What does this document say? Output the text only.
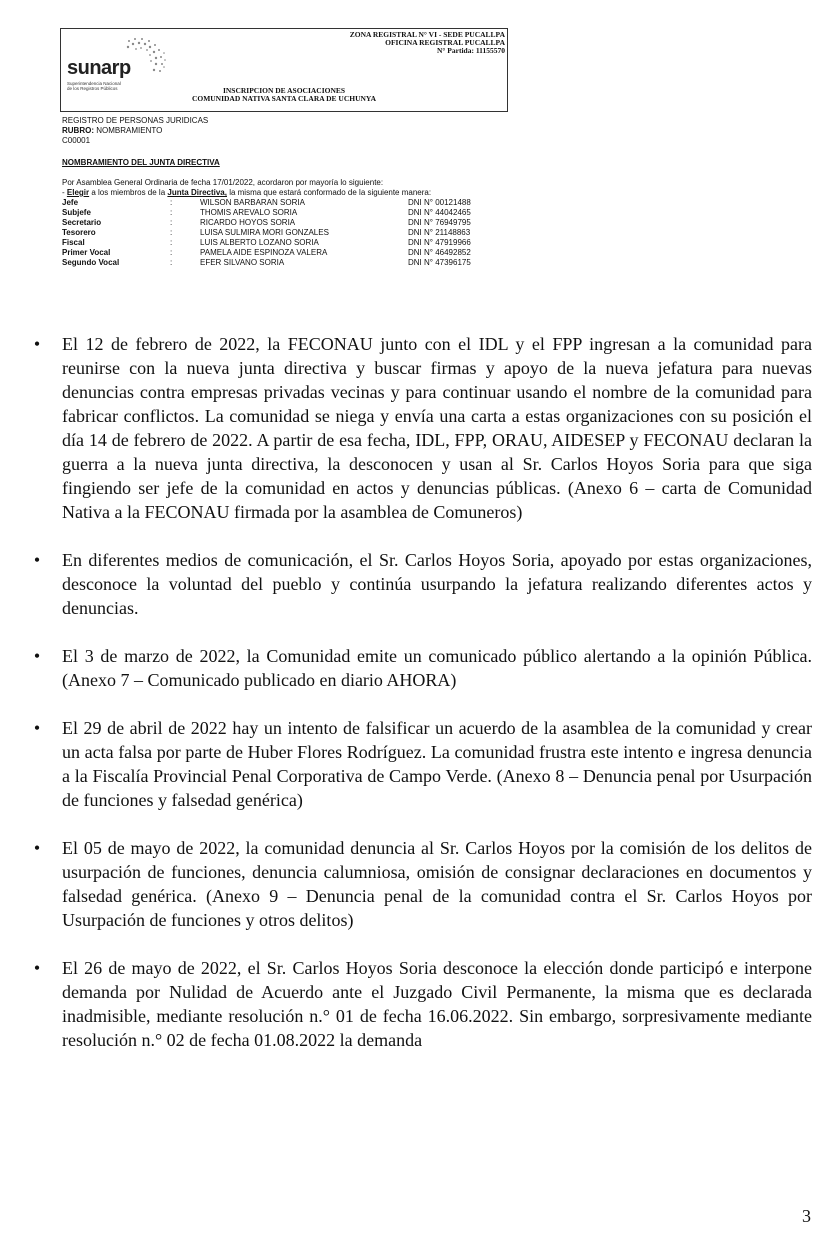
sunarp
Superintendencia Nacional de los Registros Públicos
ZONA REGISTRAL N° VI - SEDE PUCALLPA
OFICINA REGISTRAL PUCALLPA
N° Partida: 11155570
INSCRIPCION DE ASOCIACIONES
COMUNIDAD NATIVA SANTA CLARA DE UCHUNYA
REGISTRO DE PERSONAS JURIDICAS
RUBRO: NOMBRAMIENTO
C00001
NOMBRAMIENTO DEL JUNTA DIRECTIVA
Por Asamblea General Ordinaria de fecha 17/01/2022, acordaron por mayoría lo siguiente:
- Elegir a los miembros de la Junta Directiva, la misma que estará conformado de la siguiente manera:
Jefe	:	WILSON BARBARAN SORIA	DNI N° 00121488
Subjefe	:	THOMIS AREVALO SORIA	DNI N° 44042465
Secretario	:	RICARDO HOYOS SORIA	DNI N° 76949795
Tesorero	:	LUISA SULMIRA MORI GONZALES	DNI N° 21148863
Fiscal	:	LUIS ALBERTO LOZANO SORIA	DNI N° 47919966
Primer Vocal	:	PAMELA AIDE ESPINOZA VALERA	DNI N° 46492852
Segundo Vocal	:	EFER SILVANO SORIA	DNI N° 47396175
• El 12 de febrero de 2022, la FECONAU junto con el IDL y el FPP ingresan a la comunidad para reunirse con la nueva junta directiva y buscar firmas y apoyo de la nueva jefatura para nuevas denuncias contra empresas privadas vecinas y para continuar usando el nombre de la comunidad para fabricar conflictos. La comunidad se niega y envía una carta a estas organizaciones con su posición el día 14 de febrero de 2022. A partir de esa fecha, IDL, FPP, ORAU, AIDESEP y FECONAU declaran la guerra a la nueva junta directiva, la desconocen y usan al Sr. Carlos Hoyos Soria para que siga fingiendo ser jefe de la comunidad en actos y denuncias públicas. (Anexo 6 – carta de Comunidad Nativa a la FECONAU firmada por la asamblea de Comuneros)
• En diferentes medios de comunicación, el Sr. Carlos Hoyos Soria, apoyado por estas organizaciones, desconoce la voluntad del pueblo y continúa usurpando la jefatura realizando diferentes actos y denuncias.
• El 3 de marzo de 2022, la Comunidad emite un comunicado público alertando a la opinión Pública. (Anexo 7 – Comunicado publicado en diario AHORA)
• El 29 de abril de 2022 hay un intento de falsificar un acuerdo de la asamblea de la comunidad y crear un acta falsa por parte de Huber Flores Rodríguez. La comunidad frustra este intento e ingresa denuncia a la Fiscalía Provincial Penal Corporativa de Campo Verde. (Anexo 8 – Denuncia penal por Usurpación de funciones y falsedad genérica)
• El 05 de mayo de 2022, la comunidad denuncia al Sr. Carlos Hoyos por la comisión de los delitos de usurpación de funciones, denuncia calumniosa, omisión de consignar declaraciones en documentos y falsedad genérica. (Anexo 9 – Denuncia penal de la comunidad contra el Sr. Carlos Hoyos por Usurpación de funciones y otros delitos)
• El 26 de mayo de 2022, el Sr. Carlos Hoyos Soria desconoce la elección donde participó e interpone demanda por Nulidad de Acuerdo ante el Juzgado Civil Permanente, la misma que es declarada inadmisible, mediante resolución n.° 01 de fecha 16.06.2022. Sin embargo, sorpresivamente mediante resolución n.° 02 de fecha 01.08.2022 la demanda
3
